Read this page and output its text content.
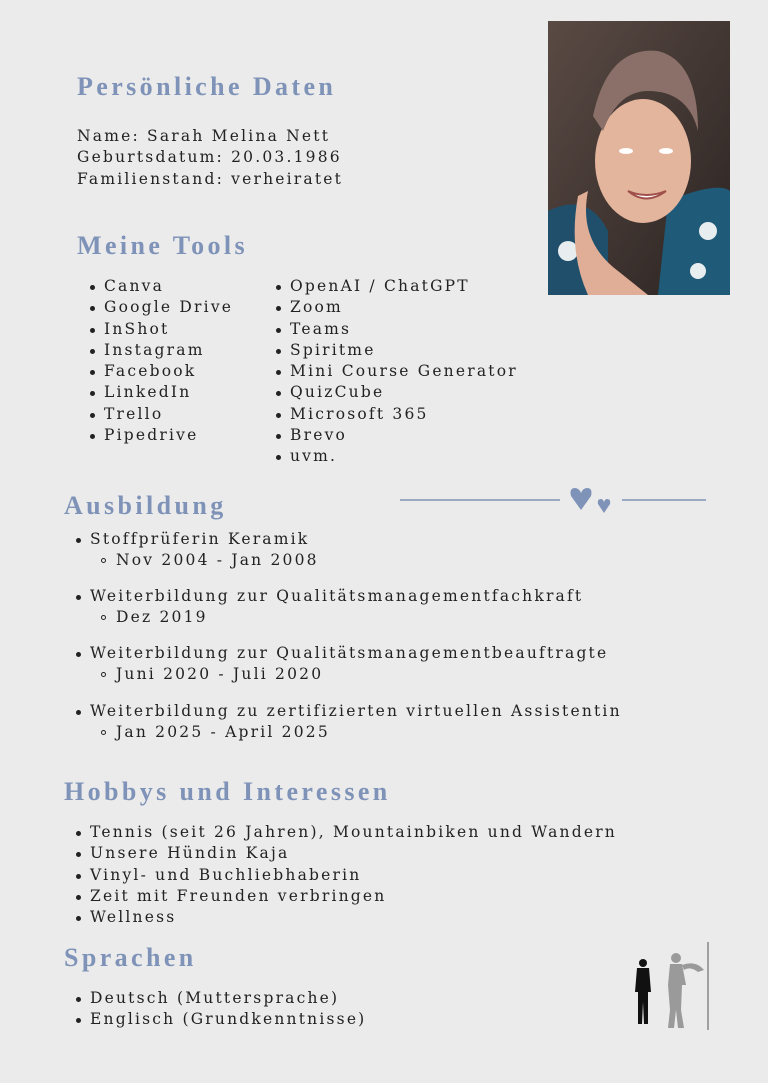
Persönliche Daten
Name: Sarah Melina Nett
Geburtsdatum: 20.03.1986
Familienstand: verheiratet
Meine Tools
Canva
Google Drive
InShot
Instagram
Facebook
LinkedIn
Trello
Pipedrive
OpenAI / ChatGPT
Zoom
Teams
Spiritme
Mini Course Generator
QuizCube
Microsoft 365
Brevo
uvm.
Ausbildung
Stoffprüferin Keramik
Nov 2004 - Jan 2008
Weiterbildung zur Qualitätsmanagementfachkraft
Dez 2019
Weiterbildung zur Qualitätsmanagementbeauftragte
Juni 2020 - Juli 2020
Weiterbildung zu zertifizierten virtuellen Assistentin
Jan 2025 - April 2025
Hobbys und Interessen
Tennis (seit 26 Jahren), Mountainbiken und Wandern
Unsere Hündin Kaja
Vinyl- und Buchliebhaberin
Zeit mit Freunden verbringen
Wellness
Sprachen
Deutsch (Muttersprache)
Englisch (Grundkenntnisse)
